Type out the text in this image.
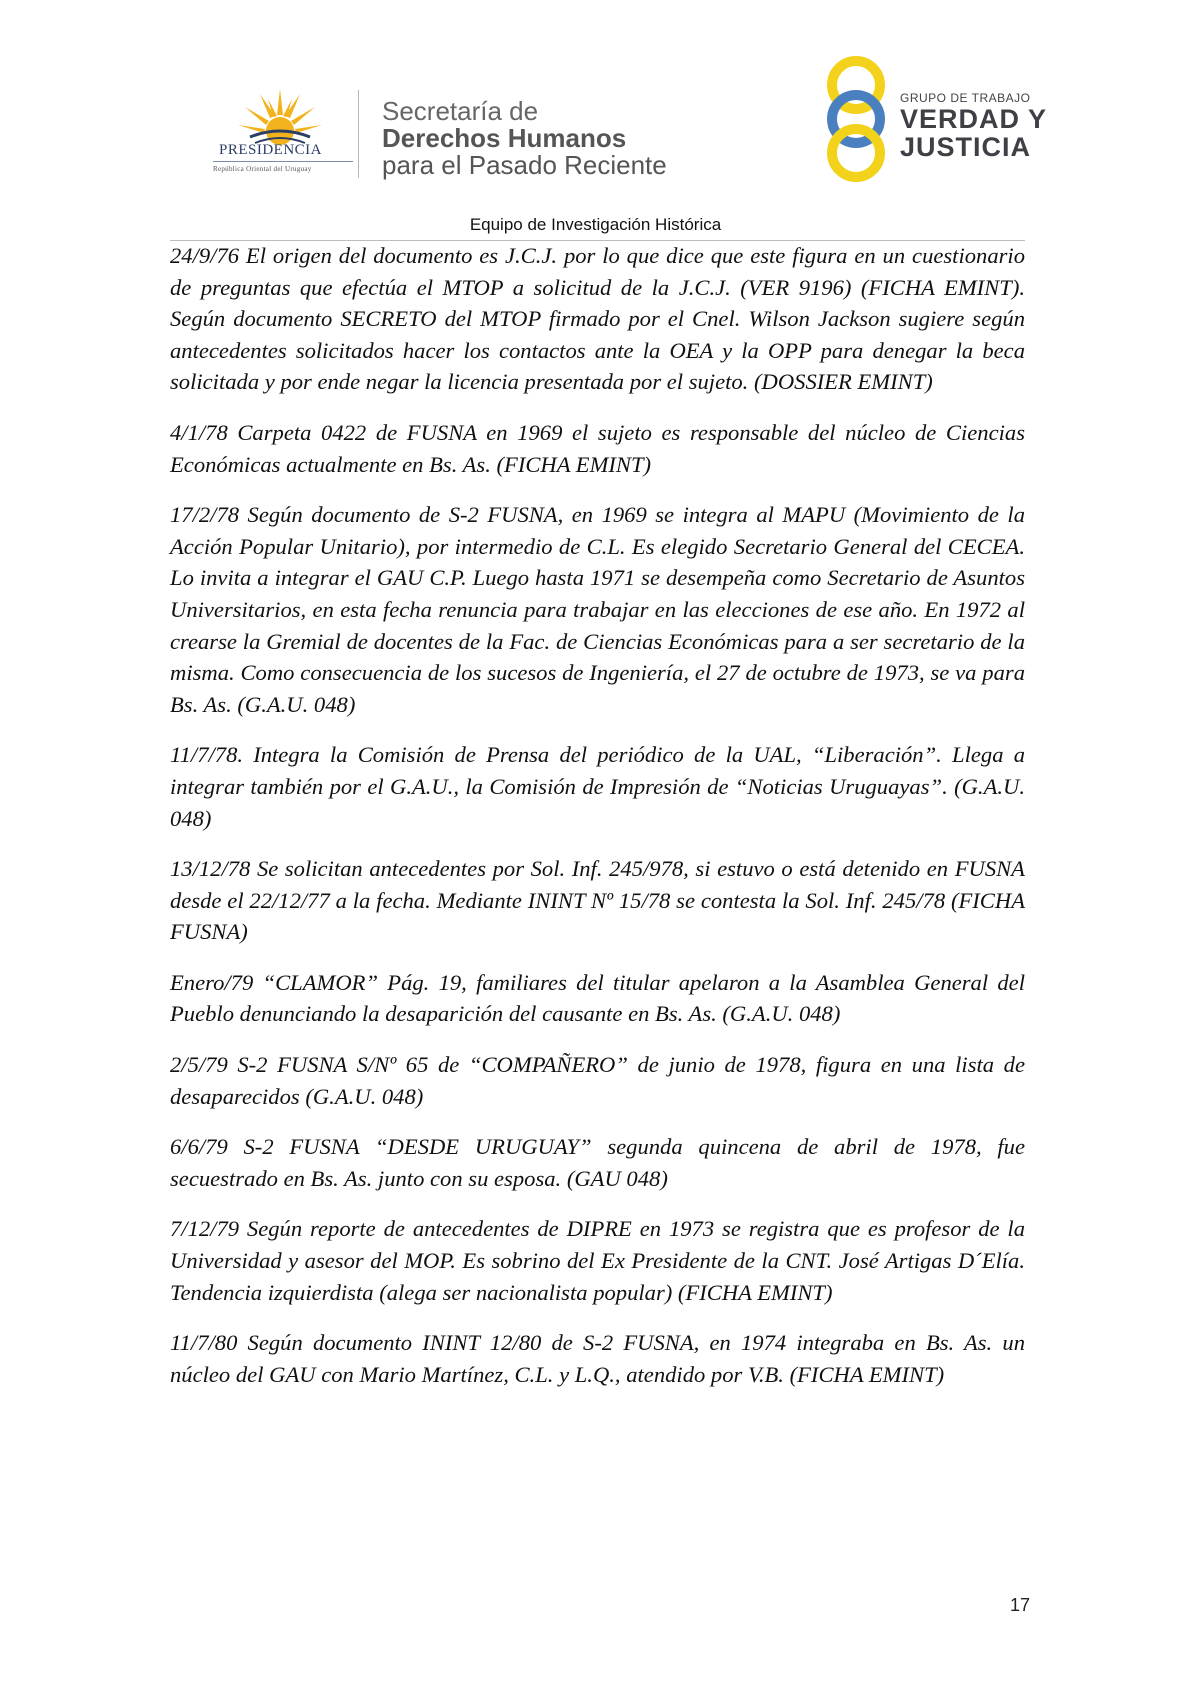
PRESIDENCIA
República Oriental del Uruguay
Secretaría de
Derechos Humanos
para el Pasado Reciente
GRUPO DE TRABAJO
VERDAD Y
JUSTICIA
Equipo de Investigación Histórica

24/9/76 El origen del documento es J.C.J. por lo que dice que este figura en un cuestionario de preguntas que efectúa el MTOP a solicitud de la J.C.J. (VER 9196) (FICHA EMINT). Según documento SECRETO del MTOP firmado por el Cnel. Wilson Jackson sugiere según antecedentes solicitados hacer los contactos ante la OEA y la OPP para denegar la beca solicitada y por ende negar la licencia presentada por el sujeto. (DOSSIER EMINT)

4/1/78 Carpeta 0422 de FUSNA en 1969 el sujeto es responsable del núcleo de Ciencias Económicas actualmente en Bs. As. (FICHA EMINT)

17/2/78 Según documento de S-2 FUSNA, en 1969 se integra al MAPU (Movimiento de la Acción Popular Unitario), por intermedio de C.L. Es elegido Secretario General del CECEA. Lo invita a integrar el GAU C.P. Luego hasta 1971 se desempeña como Secretario de Asuntos Universitarios, en esta fecha renuncia para trabajar en las elecciones de ese año. En 1972 al crearse la Gremial de docentes de la Fac. de Ciencias Económicas para a ser secretario de la misma. Como consecuencia de los sucesos de Ingeniería, el 27 de octubre de 1973, se va para Bs. As. (G.A.U. 048)

11/7/78. Integra la Comisión de Prensa del periódico de la UAL, “Liberación”. Llega a integrar también por el G.A.U., la Comisión de Impresión de “Noticias Uruguayas”. (G.A.U. 048)

13/12/78 Se solicitan antecedentes por Sol. Inf. 245/978, si estuvo o está detenido en FUSNA desde el 22/12/77 a la fecha. Mediante ININT Nº 15/78 se contesta la Sol. Inf. 245/78 (FICHA FUSNA)

Enero/79 “CLAMOR” Pág. 19, familiares del titular apelaron a la Asamblea General del Pueblo denunciando la desaparición del causante en Bs. As. (G.A.U. 048)

2/5/79 S-2 FUSNA S/Nº 65 de “COMPAÑERO” de junio de 1978, figura en una lista de desaparecidos (G.A.U. 048)

6/6/79 S-2 FUSNA “DESDE URUGUAY” segunda quincena de abril de 1978, fue secuestrado en Bs. As. junto con su esposa. (GAU 048)

7/12/79 Según reporte de antecedentes de DIPRE en 1973 se registra que es profesor de la Universidad y asesor del MOP. Es sobrino del Ex Presidente de la CNT. José Artigas D´Elía. Tendencia izquierdista (alega ser nacionalista popular) (FICHA EMINT)

11/7/80 Según documento ININT 12/80 de S-2 FUSNA, en 1974 integraba en Bs. As. un núcleo del GAU con Mario Martínez, C.L. y L.Q., atendido por V.B. (FICHA EMINT)

17
